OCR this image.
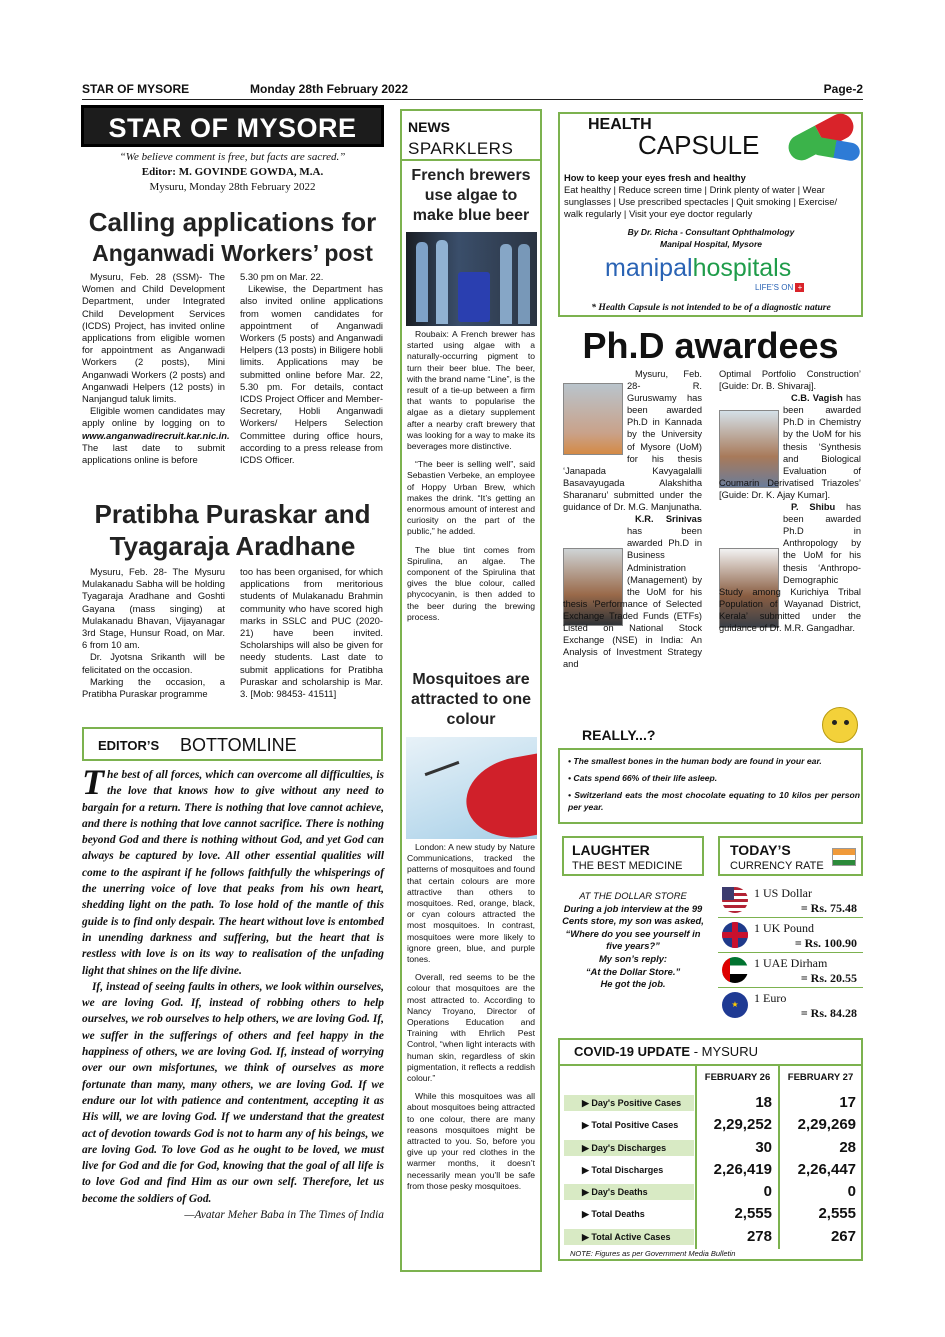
STAR OF MYSORE	Monday 28th February 2022	Page-2
STAR OF MYSORE
“We believe comment is free, but facts are sacred.”
Editor: M. GOVINDE GOWDA, M.A.
Mysuru, Monday 28th February 2022
Calling applications for
Anganwadi Workers’ post

Mysuru, Feb. 28 (SSM)- The Women and Child Development Department, under Integrated Child Development Services (ICDS) Project, has invited online applications from eligible women for appointment as Anganwadi Workers (2 posts), Mini Anganwadi Workers (2 posts) and Anganwadi Helpers (12 posts) in Nanjangud taluk limits.

Eligible women candidates may apply online by logging on to www.anganwadirecruit.kar.nic.in. The last date to submit applications online is before

5.30 pm on Mar. 22.

Likewise, the Department has also invited online applications from women candidates for appointment of Anganwadi Workers (5 posts) and Anganwadi Helpers (13 posts) in Biligere hobli limits. Applications may be submitted online before Mar. 22, 5.30 pm. For details, contact ICDS Project Officer and Member-Secretary, Hobli Anganwadi Workers/ Helpers Selection Committee during office hours, according to a press release from ICDS Officer.

Pratibha Puraskar and
Tyagaraja Aradhane

Mysuru, Feb. 28- The Mysuru Mulakanadu Sabha will be holding Tyagaraja Aradhane and Goshti Gayana (mass singing) at Mulakanadu Bhavan, Vijayanagar 3rd Stage, Hunsur Road, on Mar. 6 from 10 am.

Dr. Jyotsna Srikanth will be felicitated on the occasion.

Marking the occasion, a Pratibha Puraskar programme

too has been organised, for which applications from meritorious students of Mulakanadu Brahmin community who have scored high marks in SSLC and PUC (2020-21) have been invited. Scholarships will also be given for needy students. Last date to submit applications for Pratibha Puraskar and scholarship is Mar. 3. [Mob: 98453- 41511]
EDITOR’S BOTTOMLINE

The best of all forces, which can overcome all difficulties, is the love that knows how to give without any need to bargain for a return. There is nothing that love cannot achieve, and there is nothing that love cannot sacrifice. There is nothing beyond God and there is nothing without God, and yet God can always be captured by love. All other essential qualities will come to the aspirant if he follows faithfully the whisperings of the unerring voice of love that peaks from his own heart, shedding light on the path. To lose hold of the mantle of this guide is to find only despair. The heart without love is entombed in unending darkness and suffering, but the heart that is restless with love is on its way to realisation of the unfading light that shines on the life divine.

If, instead of seeing faults in others, we look within ourselves, we are loving God. If, instead of robbing others to help ourselves, we rob ourselves to help others, we are loving God. If, we suffer in the sufferings of others and feel happy in the happiness of others, we are loving God. If, instead of worrying over our own misfortunes, we think of ourselves as more fortunate than many, many others, we are loving God. If we endure our lot with patience and contentment, accepting it as His will, we are loving God. If we understand that the greatest act of devotion towards God is not to harm any of his beings, we are loving God. To love God as he ought to be loved, we must live for God and die for God, knowing that the goal of all life is to love God and find Him as our own self. Therefore, let us become the soldiers of God.

—Avatar Meher Baba in The Times of India

NEWS
SPARKLERS
French brewers use algae to make blue beer

Roubaix: A French brewer has started using algae with a naturally-occurring pigment to turn their beer blue. The beer, with the brand name “Line”, is the result of a tie-up between a firm that wants to popularise the algae as a dietary supplement after a nearby craft brewery that was looking for a way to make its beverages more distinctive.

“The beer is selling well”, said Sebastien Verbeke, an employee of Hoppy Urban Brew, which makes the drink. “It’s getting an enormous amount of interest and curiosity on the part of the public,” he added.

The blue tint comes from Spirulina, an algae. The component of the Spirulina that gives the blue colour, called phycocyanin, is then added to the beer during the brewing process.

Mosquitoes are attracted to one colour

London: A new study by Nature Communications, tracked the patterns of mosquitoes and found that certain colours are more attractive than others to mosquitoes. Red, orange, black, or cyan colours attracted the most mosquitoes. In contrast, mosquitoes were more likely to ignore green, blue, and purple tones.

Overall, red seems to be the colour that mosquitoes are the most attracted to. According to Nancy Troyano, Director of Operations Education and Training with Ehrlich Pest Control, “when light interacts with human skin, regardless of skin pigmentation, it reflects a reddish colour.”

While this mosquitoes was all about mosquitoes being attracted to one colour, there are many reasons mosquitoes might be attracted to you. So, before you give up your red clothes in the warmer months, it doesn’t necessarily mean you’ll be safe from those pesky mosquitoes.

HEALTH
CAPSULE
How to keep your eyes fresh and healthy
Eat healthy | Reduce screen time | Drink plenty of water | Wear sunglasses | Use prescribed spectacles | Quit smoking | Exercise/ walk regularly | Visit your eye doctor regularly
By Dr. Richa - Consultant Ophthalmology
Manipal Hospital, Mysore
manipalhospitals
LIFE’S ON +
* Health Capsule is not intended to be of a diagnostic nature
Ph.D awardees

Mysuru, Feb. 28- R. Guruswamy has been awarded Ph.D in Kannada by the University of Mysore (UoM) for his thesis ‘Janapada Kavyagalalli Basavayugada Alakshitha Sharanaru’ submitted under the guidance of Dr. M.G. Manjunatha.

K.R. Srinivas has been awarded Ph.D in Business Administration (Management) by the UoM for his thesis ‘Performance of Selected Exchange Traded Funds (ETFs) Listed on National Stock Exchange (NSE) in India: An Analysis of Investment Strategy and

Optimal Portfolio Construction’ [Guide: Dr. B. Shivaraj].

C.B. Vagish has been awarded Ph.D in Chemistry by the UoM for his thesis ‘Synthesis and Biological Evaluation of Coumarin Derivatised Triazoles’ [Guide: Dr. K. Ajay Kumar].

P. Shibu has been awarded Ph.D in Anthropology by the UoM for his thesis ‘Anthropo-Demographic Study among Kurichiya Tribal Population of Wayanad District, Kerala’ submitted under the guidance of Dr. M.R. Gangadhar.

REALLY...?
• The smallest bones in the human body are found in your ear.
• Cats spend 66% of their life asleep.
• Switzerland eats the most chocolate equating to 10 kilos per person per year.
LAUGHTER
THE BEST MEDICINE
AT THE DOLLAR STORE
During a job interview at the 99 Cents store, my son was asked, “Where do you see yourself in five years?”
My son’s reply:
“At the Dollar Store.”
He got the job.
TODAY’S
CURRENCY RATE
1 US Dollar
= Rs. 75.48
1 UK Pound
= Rs. 100.90
1 UAE Dirham
= Rs. 20.55
★	1 Euro
= Rs. 84.28
COVID-19 UPDATE - MYSURU
FEBRUARY 26	FEBRUARY 27
▶ Day's Positive Cases	18	17
▶ Total Positive Cases	2,29,252	2,29,269
▶ Day's Discharges	30	28
▶ Total Discharges	2,26,419	2,26,447
▶ Day's Deaths	0	0
▶ Total Deaths	2,555	2,555
▶ Total Active Cases	278	267
NOTE: Figures as per Government Media Bulletin
